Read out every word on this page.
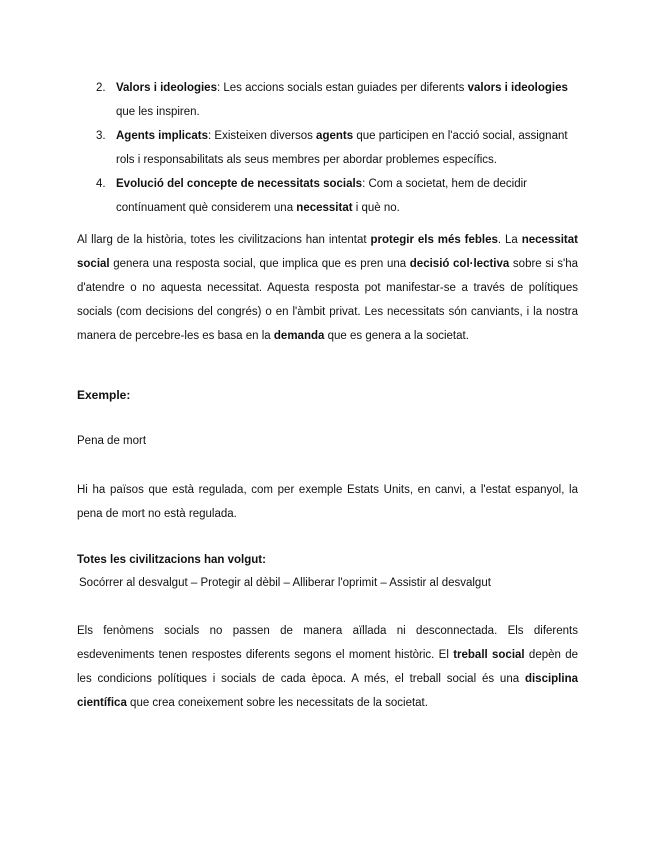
2. Valors i ideologies: Les accions socials estan guiades per diferents valors i ideologies que les inspiren.
3. Agents implicats: Existeixen diversos agents que participen en l'acció social, assignant rols i responsabilitats als seus membres per abordar problemes específics.
4. Evolució del concepte de necessitats socials: Com a societat, hem de decidir contínuament què considerem una necessitat i què no.

Al llarg de la història, totes les civilitzacions han intentat protegir els més febles. La necessitat social genera una resposta social, que implica que es pren una decisió col·lectiva sobre si s'ha d'atendre o no aquesta necessitat. Aquesta resposta pot manifestar-se a través de polítiques socials (com decisions del congrés) o en l'àmbit privat. Les necessitats són canviants, i la nostra manera de percebre-les es basa en la demanda que es genera a la societat.

Exemple:

Pena de mort

Hi ha països que està regulada, com per exemple Estats Units, en canvi, a l'estat espanyol, la pena de mort no està regulada.

Totes les civilitzacions han volgut:

Socórrer al desvalgut – Protegir al dèbil – Alliberar l'oprimit – Assistir al desvalgut

Els fenòmens socials no passen de manera aïllada ni desconnectada. Els diferents esdeveniments tenen respostes diferents segons el moment històric. El treball social depèn de les condicions polítiques i socials de cada època. A més, el treball social és una disciplina científica que crea coneixement sobre les necessitats de la societat.
